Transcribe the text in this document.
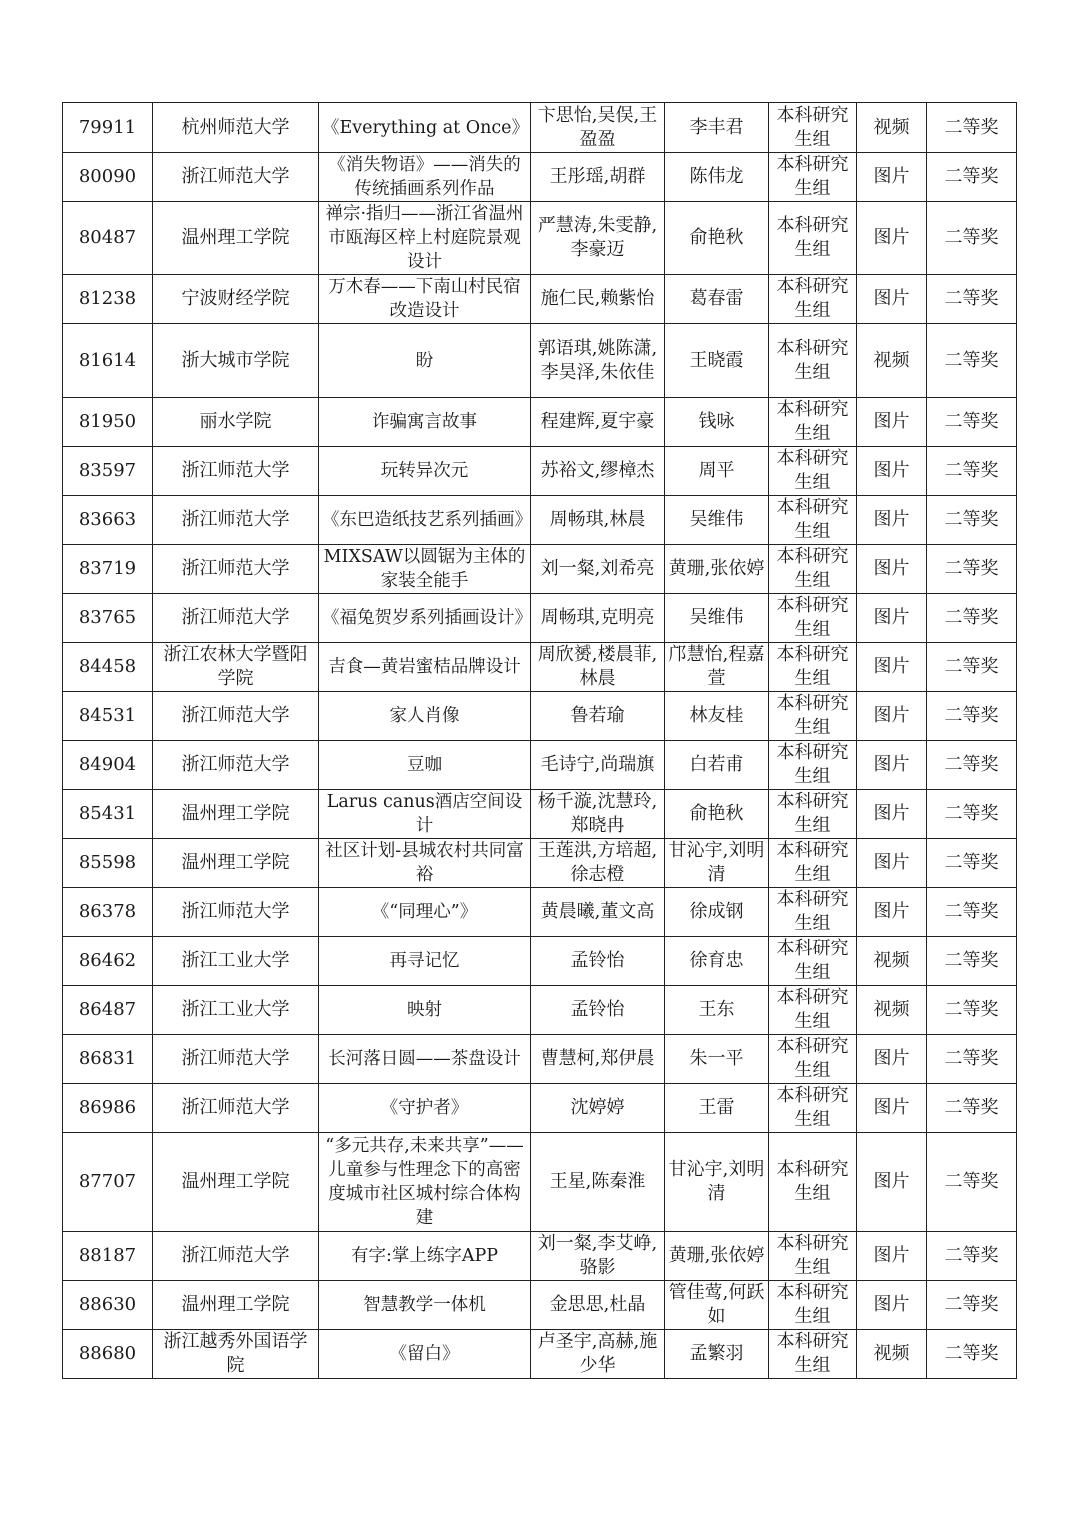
79911	杭州师范大学	《Everything at Once》	卞思怡,吴俣,王盈盈	李丰君	本科研究生组	视频	二等奖
80090	浙江师范大学	《消失物语》——消失的传统插画系列作品	王彤瑶,胡群	陈伟龙	本科研究生组	图片	二等奖
80487	温州理工学院	禅宗·指归——浙江省温州市瓯海区梓上村庭院景观设计	严慧涛,朱雯静,李豪迈	俞艳秋	本科研究生组	图片	二等奖
81238	宁波财经学院	万木春——下南山村民宿改造设计	施仁民,赖紫怡	葛春雷	本科研究生组	图片	二等奖
81614	浙大城市学院	盼	郭语琪,姚陈潇,李昊泽,朱依佳	王晓霞	本科研究生组	视频	二等奖
81950	丽水学院	诈骗寓言故事	程建辉,夏宇豪	钱咏	本科研究生组	图片	二等奖
83597	浙江师范大学	玩转异次元	苏裕文,缪樟杰	周平	本科研究生组	图片	二等奖
83663	浙江师范大学	《东巴造纸技艺系列插画》	周畅琪,林晨	吴维伟	本科研究生组	图片	二等奖
83719	浙江师范大学	MIXSAW以圆锯为主体的家装全能手	刘一粲,刘希亮	黄珊,张依婷	本科研究生组	图片	二等奖
83765	浙江师范大学	《福兔贺岁系列插画设计》	周畅琪,克明亮	吴维伟	本科研究生组	图片	二等奖
84458	浙江农林大学暨阳学院	吉食—黄岩蜜桔品牌设计	周欣赟,楼晨菲,林晨	邝慧怡,程嘉萱	本科研究生组	图片	二等奖
84531	浙江师范大学	家人肖像	鲁若瑜	林友桂	本科研究生组	图片	二等奖
84904	浙江师范大学	豆咖	毛诗宁,尚瑞旗	白若甫	本科研究生组	图片	二等奖
85431	温州理工学院	Larus canus酒店空间设计	杨千漩,沈慧玲,郑晓冉	俞艳秋	本科研究生组	图片	二等奖
85598	温州理工学院	社区计划-县城农村共同富裕	王莲洪,方培超,徐志橙	甘沁宇,刘明清	本科研究生组	图片	二等奖
86378	浙江师范大学	《“同理心”》	黄晨曦,董文高	徐成钢	本科研究生组	图片	二等奖
86462	浙江工业大学	再寻记忆	孟铃怡	徐育忠	本科研究生组	视频	二等奖
86487	浙江工业大学	映射	孟铃怡	王东	本科研究生组	视频	二等奖
86831	浙江师范大学	长河落日圆——茶盘设计	曹慧柯,郑伊晨	朱一平	本科研究生组	图片	二等奖
86986	浙江师范大学	《守护者》	沈婷婷	王雷	本科研究生组	图片	二等奖
87707	温州理工学院	“多元共存,未来共享”——儿童参与性理念下的高密度城市社区城村综合体构建	王星,陈秦淮	甘沁宇,刘明清	本科研究生组	图片	二等奖
88187	浙江师范大学	有字:掌上练字APP	刘一粲,李艾峥,骆影	黄珊,张依婷	本科研究生组	图片	二等奖
88630	温州理工学院	智慧教学一体机	金思思,杜晶	管佳莺,何跃如	本科研究生组	图片	二等奖
88680	浙江越秀外国语学院	《留白》	卢圣宇,高赫,施少华	孟繁羽	本科研究生组	视频	二等奖
